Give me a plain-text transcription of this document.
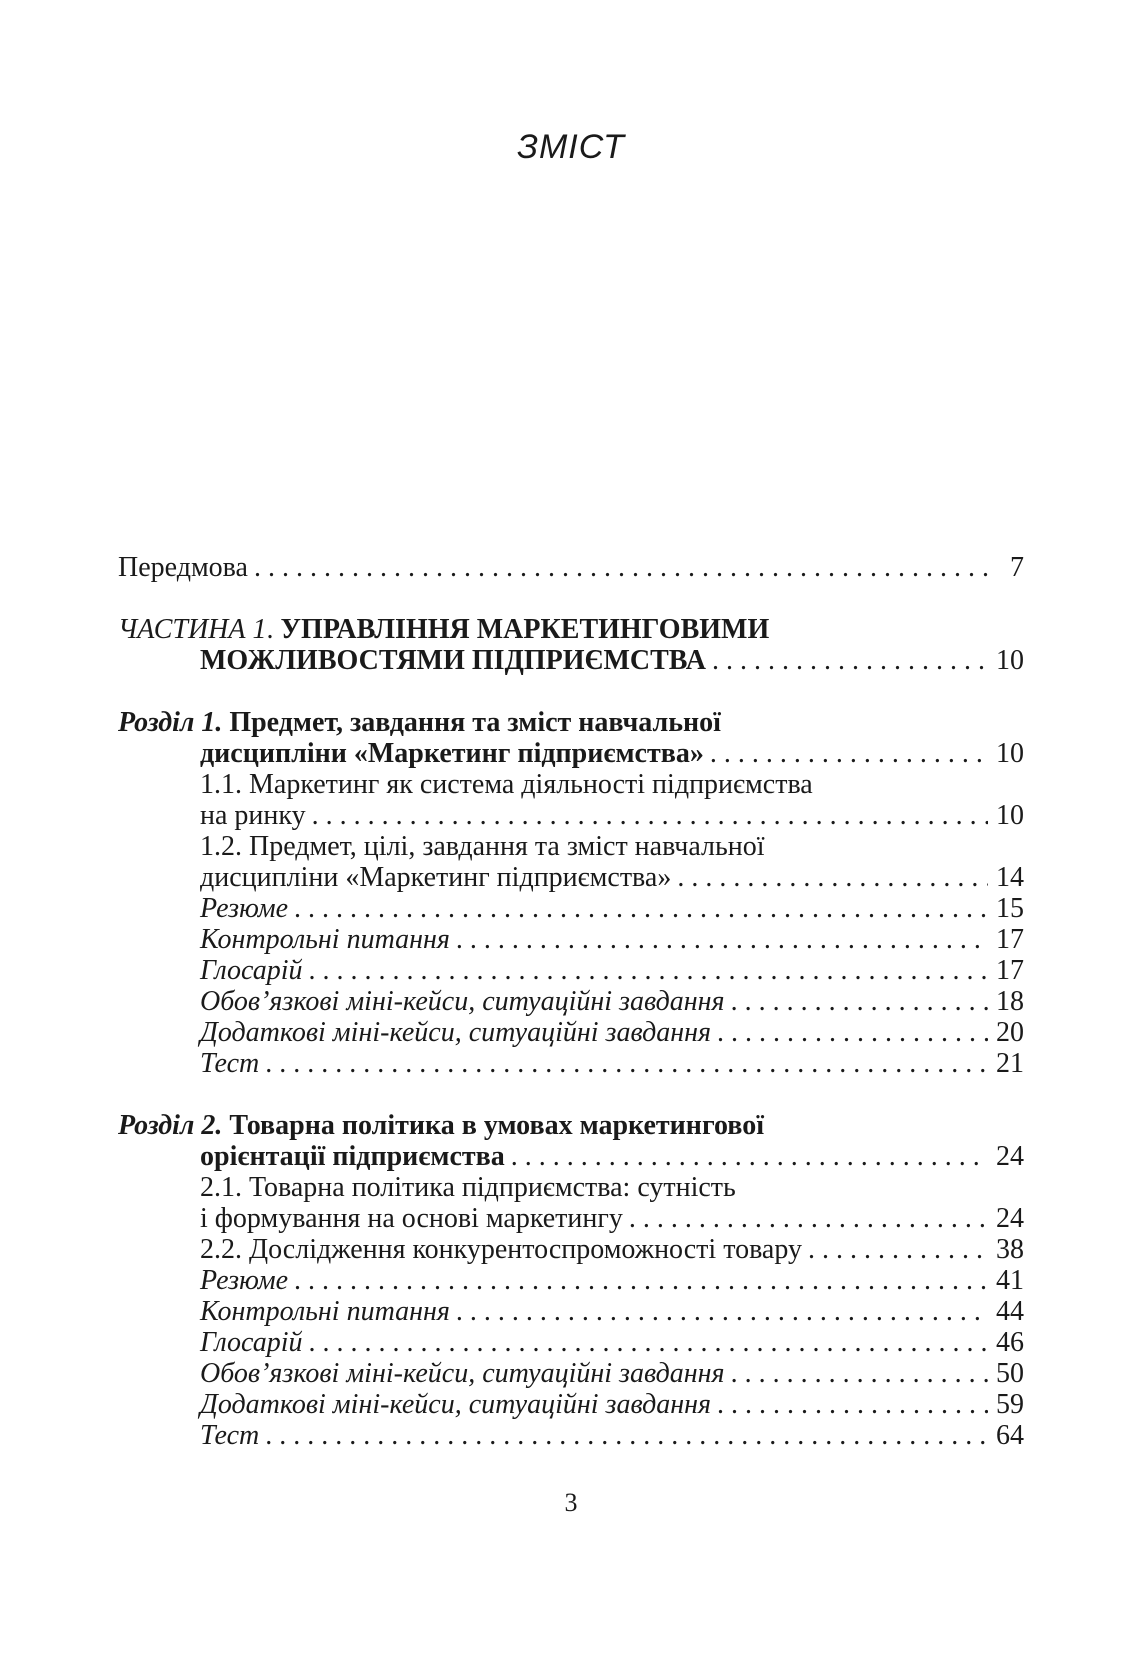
ЗМІСТ
Передмова . . .	7
ЧАСТИНА 1. УПРАВЛІННЯ МАРКЕТИНГОВИМИ
МОЖЛИВОСТЯМИ ПІДПРИЄМСТВА . . .	10
Розділ 1. Предмет, завдання та зміст навчальної
дисципліни «Маркетинг підприємства» . . .	10
1.1. Маркетинг як система діяльності підприємства
на ринку . . .	10
1.2. Предмет, цілі, завдання та зміст навчальної
дисципліни «Маркетинг підприємства» . . .	14
Резюме . . .	15
Контрольні питання . . .	17
Глосарій . . .	17
Обов’язкові міні-кейси, ситуаційні завдання . . .	18
Додаткові міні-кейси, ситуаційні завдання . . .	20
Тест . . .	21
Розділ 2. Товарна політика в умовах маркетингової
орієнтації підприємства . . .	24
2.1. Товарна політика підприємства: сутність
і формування на основі маркетингу . . .	24
2.2. Дослідження конкурентоспроможності товару . . .	38
Резюме . . .	41
Контрольні питання . . .	44
Глосарій . . .	46
Обов’язкові міні-кейси, ситуаційні завдання . . .	50
Додаткові міні-кейси, ситуаційні завдання . . .	59
Тест . . .	64
3
